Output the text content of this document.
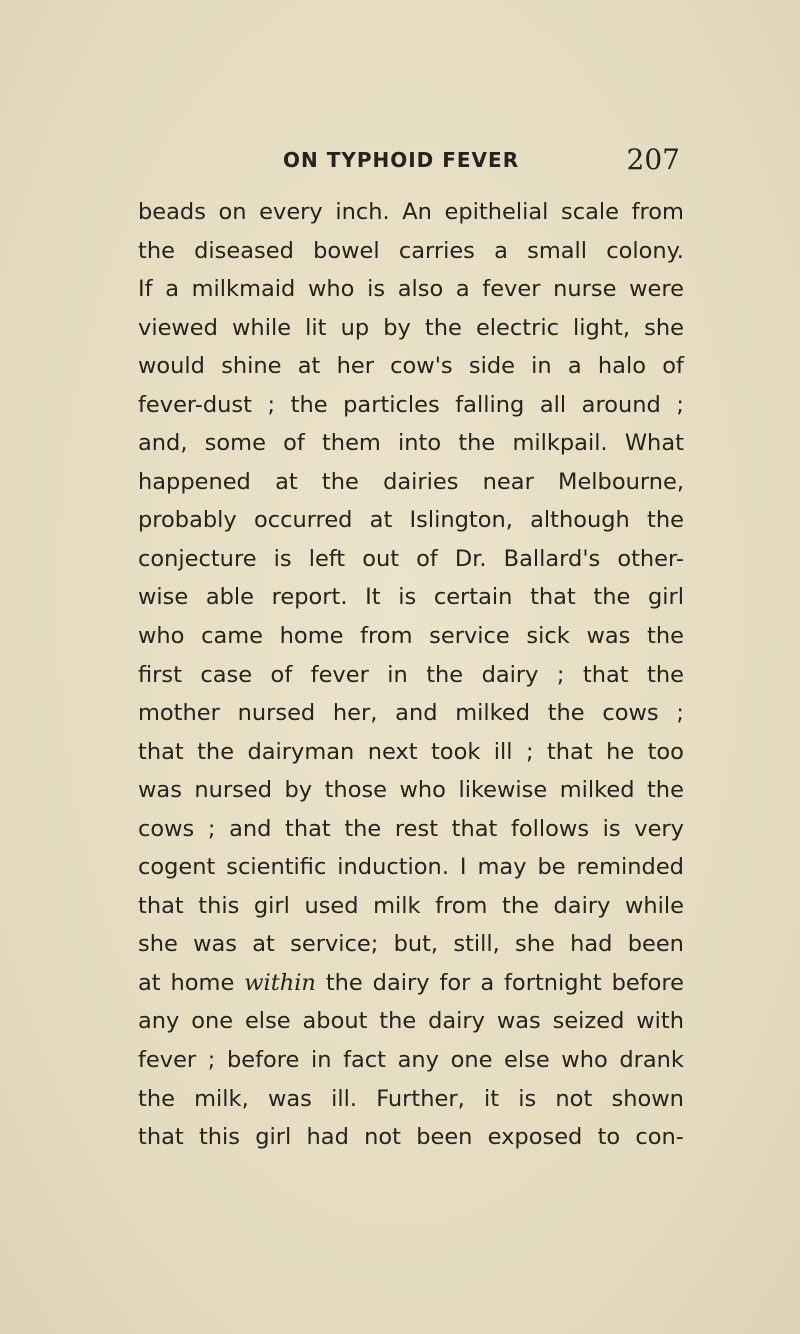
ON TYPHOID FEVER	207
beads on every inch. An epithelial scale from
the diseased bowel carries a small colony.
If a milkmaid who is also a fever nurse were
viewed while lit up by the electric light, she
would shine at her cow's side in a halo of
fever-dust ; the particles falling all around ;
and, some of them into the milkpail. What
happened at the dairies near Melbourne,
probably occurred at Islington, although the
conjecture is left out of Dr. Ballard's other-
wise able report. It is certain that the girl
who came home from service sick was the
first case of fever in the dairy ; that the
mother nursed her, and milked the cows ;
that the dairyman next took ill ; that he too
was nursed by those who likewise milked the
cows ; and that the rest that follows is very
cogent scientific induction. I may be reminded
that this girl used milk from the dairy while
she was at service; but, still, she had been
at home within the dairy for a fortnight before
any one else about the dairy was seized with
fever ; before in fact any one else who drank
the milk, was ill. Further, it is not shown
that this girl had not been exposed to con-
